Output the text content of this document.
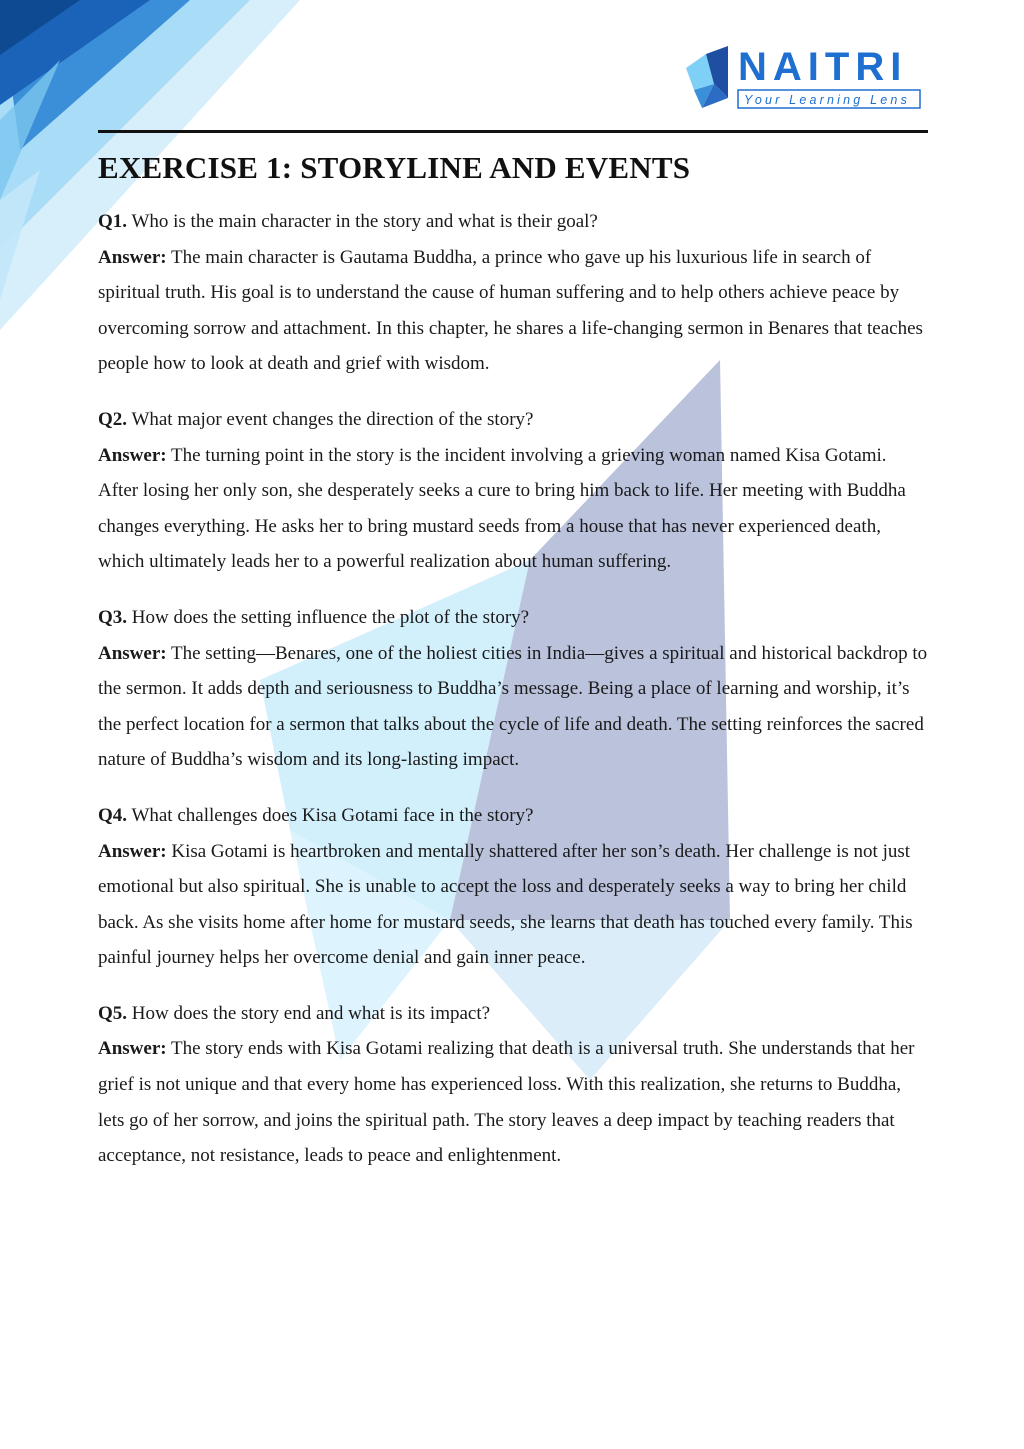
NAITRI
Your Learning Lens
EXERCISE 1: STORYLINE AND EVENTS

Q1. Who is the main character in the story and what is their goal?

Answer: The main character is Gautama Buddha, a prince who gave up his luxurious life in search of spiritual truth. His goal is to understand the cause of human suffering and to help others achieve peace by overcoming sorrow and attachment. In this chapter, he shares a life-changing sermon in Benares that teaches people how to look at death and grief with wisdom.

Q2. What major event changes the direction of the story?

Answer: The turning point in the story is the incident involving a grieving woman named Kisa Gotami. After losing her only son, she desperately seeks a cure to bring him back to life. Her meeting with Buddha changes everything. He asks her to bring mustard seeds from a house that has never experienced death, which ultimately leads her to a powerful realization about human suffering.

Q3. How does the setting influence the plot of the story?

Answer: The setting—Benares, one of the holiest cities in India—gives a spiritual and historical backdrop to the sermon. It adds depth and seriousness to Buddha’s message. Being a place of learning and worship, it’s the perfect location for a sermon that talks about the cycle of life and death. The setting reinforces the sacred nature of Buddha’s wisdom and its long-lasting impact.

Q4. What challenges does Kisa Gotami face in the story?

Answer: Kisa Gotami is heartbroken and mentally shattered after her son’s death. Her challenge is not just emotional but also spiritual. She is unable to accept the loss and desperately seeks a way to bring her child back. As she visits home after home for mustard seeds, she learns that death has touched every family. This painful journey helps her overcome denial and gain inner peace.

Q5. How does the story end and what is its impact?

Answer: The story ends with Kisa Gotami realizing that death is a universal truth. She understands that her grief is not unique and that every home has experienced loss. With this realization, she returns to Buddha, lets go of her sorrow, and joins the spiritual path. The story leaves a deep impact by teaching readers that acceptance, not resistance, leads to peace and enlightenment.
